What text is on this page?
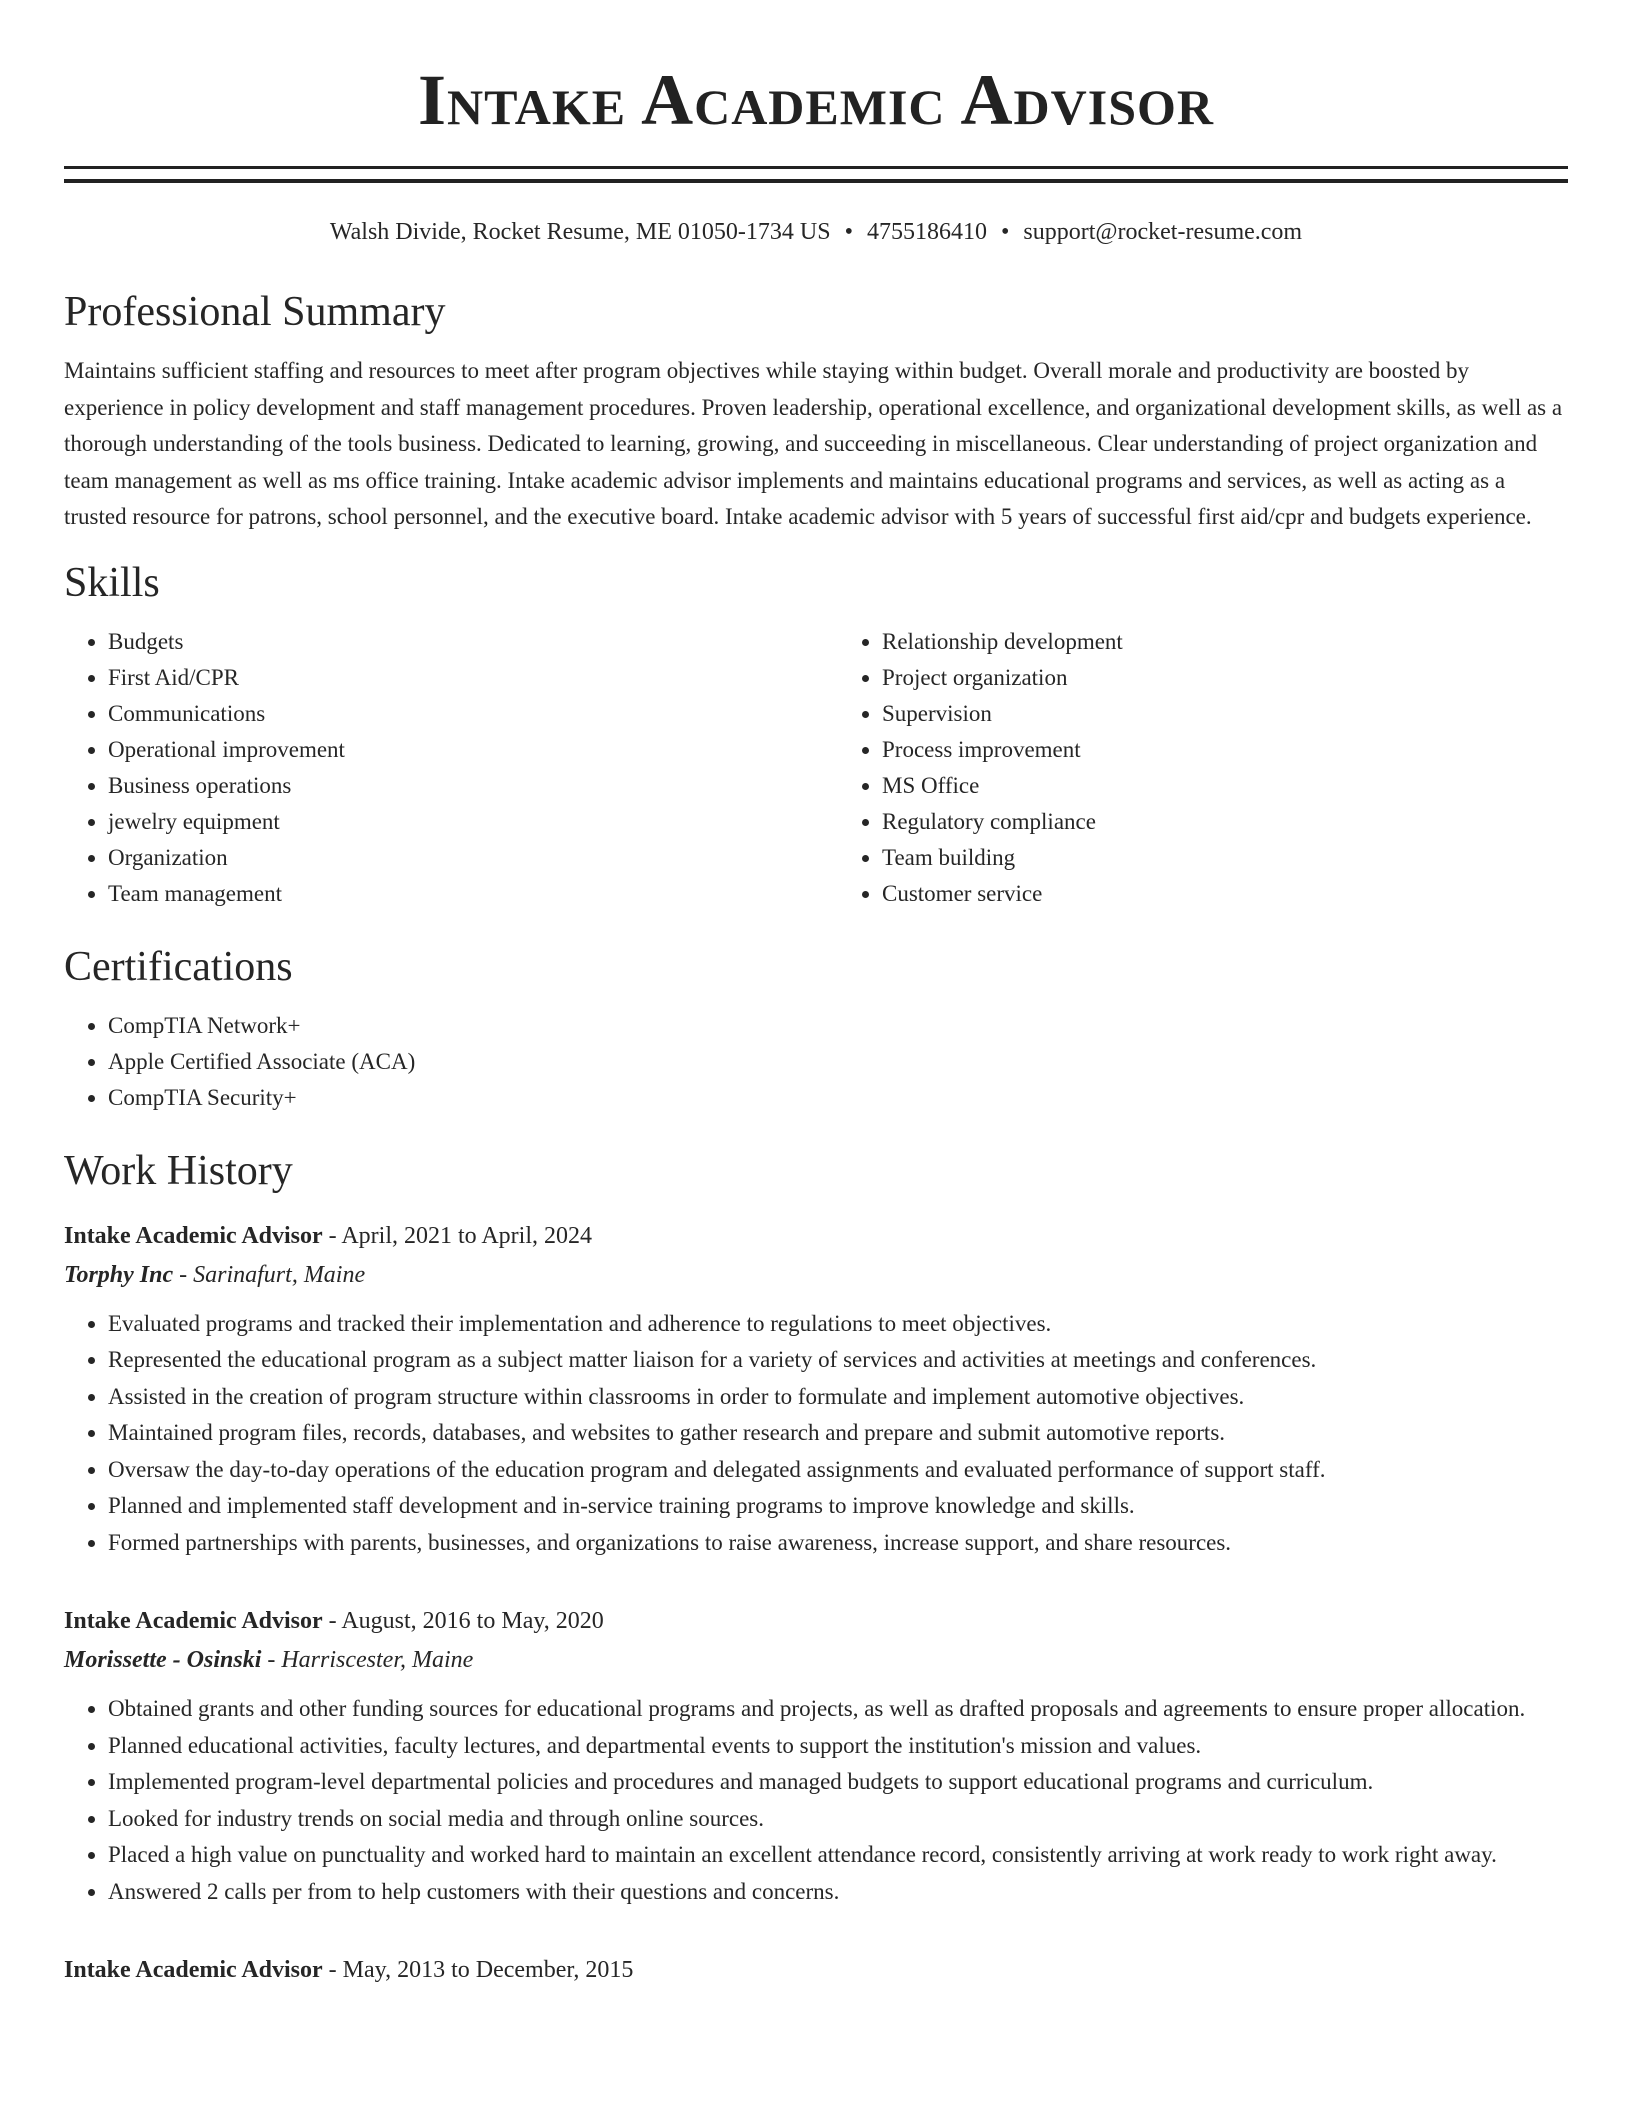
Intake Academic Advisor
Walsh Divide, Rocket Resume, ME 01050-1734 US • 4755186410 • support@rocket-resume.com
Professional Summary

Maintains sufficient staffing and resources to meet after program objectives while staying within budget. Overall morale and productivity are boosted by experience in policy development and staff management procedures. Proven leadership, operational excellence, and organizational development skills, as well as a thorough understanding of the tools business. Dedicated to learning, growing, and succeeding in miscellaneous. Clear understanding of project organization and team management as well as ms office training. Intake academic advisor implements and maintains educational programs and services, as well as acting as a trusted resource for patrons, school personnel, and the executive board. Intake academic advisor with 5 years of successful first aid/cpr and budgets experience.

Skills
• Budgets
• First Aid/CPR
• Communications
• Operational improvement
• Business operations
• jewelry equipment
• Organization
• Team management
• Relationship development
• Project organization
• Supervision
• Process improvement
• MS Office
• Regulatory compliance
• Team building
• Customer service
Certifications
• CompTIA Network+
• Apple Certified Associate (ACA)
• CompTIA Security+
Work History
Intake Academic Advisor - April, 2021 to April, 2024
Torphy Inc - Sarinafurt, Maine
• Evaluated programs and tracked their implementation and adherence to regulations to meet objectives.
• Represented the educational program as a subject matter liaison for a variety of services and activities at meetings and conferences.
• Assisted in the creation of program structure within classrooms in order to formulate and implement automotive objectives.
• Maintained program files, records, databases, and websites to gather research and prepare and submit automotive reports.
• Oversaw the day-to-day operations of the education program and delegated assignments and evaluated performance of support staff.
• Planned and implemented staff development and in-service training programs to improve knowledge and skills.
• Formed partnerships with parents, businesses, and organizations to raise awareness, increase support, and share resources.
Intake Academic Advisor - August, 2016 to May, 2020
Morissette - Osinski - Harriscester, Maine
• Obtained grants and other funding sources for educational programs and projects, as well as drafted proposals and agreements to ensure proper allocation.
• Planned educational activities, faculty lectures, and departmental events to support the institution's mission and values.
• Implemented program-level departmental policies and procedures and managed budgets to support educational programs and curriculum.
• Looked for industry trends on social media and through online sources.
• Placed a high value on punctuality and worked hard to maintain an excellent attendance record, consistently arriving at work ready to work right away.
• Answered 2 calls per from to help customers with their questions and concerns.
Intake Academic Advisor - May, 2013 to December, 2015
